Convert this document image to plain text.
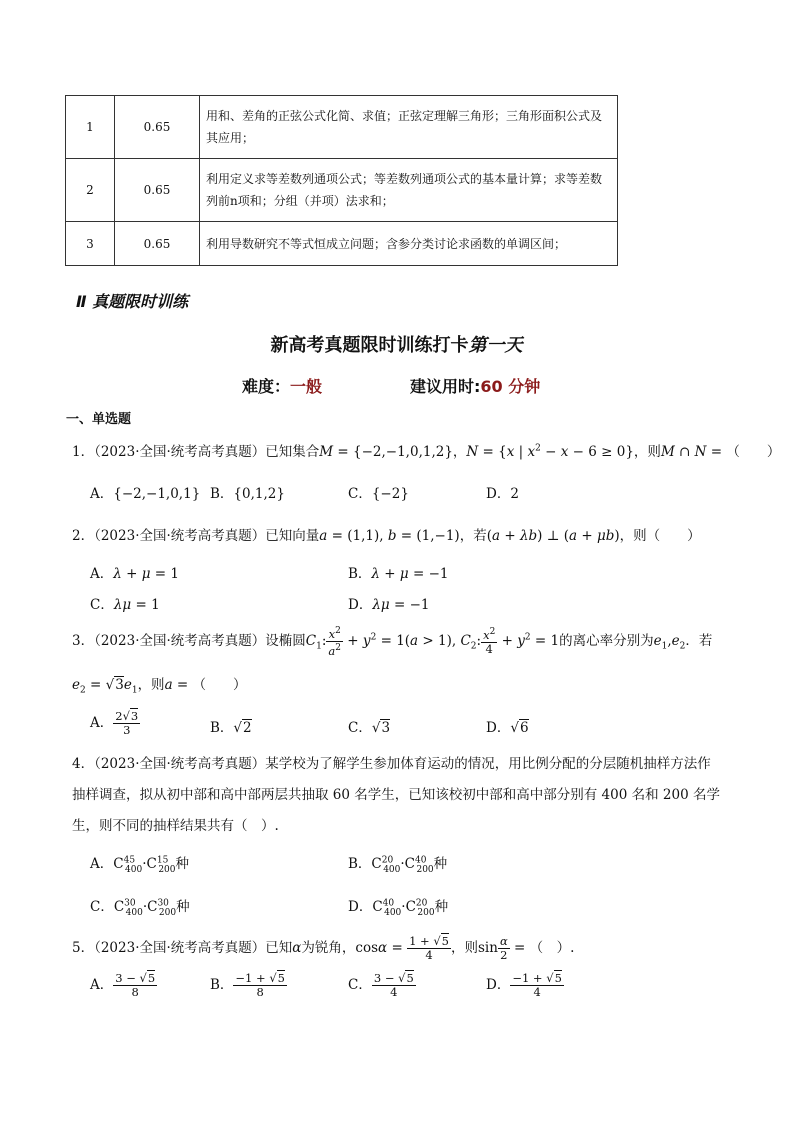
1	0.65	用和、差角的正弦公式化简、求值；正弦定理解三角形；三角形面积公式及其应用；
2	0.65	利用定义求等差数列通项公式；等差数列通项公式的基本量计算；求等差数列前n项和；分组（并项）法求和；
3	0.65	利用导数研究不等式恒成立问题；含参分类讨论求函数的单调区间；
Ⅱ 真题限时训练
新高考真题限时训练打卡第一天
难度：一般	建议用时:60 分钟
一、单选题
1．（2023·全国·统考高考真题）已知集合M = {−2,−1,0,1,2}，N = {x | $x^2 - x - 6 \ge 0$}，则M ∩ N = （　　）
A．{−2,−1,0,1} B．{0,1,2}	C．{−2}	D．2
2．（2023·全国·统考高考真题）已知向量a = (1,1), b = (1,−1)，若(a + λb) ⊥ (a + μb)，则（　　）
A．λ + μ = 1	B．λ + μ = −1
C．λμ = 1	D．λμ = −1
3．（2023·全国·统考高考真题）设椭圆$C_1$: $\frac{x^2}{a^2} + y^2 = 1(a > 1)$, $C_2$: $\frac{x^2}{4} + y^2 = 1$的离心率分别为$e_1,e_2$．若
$e_2 = √3e_1$，则a = （　　）
A． $\frac{2√3}{3}$	B．√2	C．√3	D．√6
4．（2023·全国·统考高考真题）某学校为了解学生参加体育运动的情况，用比例分配的分层随机抽样方法作
抽样调查，拟从初中部和高中部两层共抽取 60 名学生，已知该校初中部和高中部分别有 400 名和 200 名学
生，则不同的抽样结果共有（　）.
A．$C^{45}_{400}\cdot C^{15}_{200}$种	B．$C^{20}_{400}\cdot C^{40}_{200}$种
C．$C^{30}_{400}\cdot C^{30}_{200}$种	D．$C^{40}_{400}\cdot C^{20}_{200}$种
5．（2023·全国·统考高考真题）已知α为锐角，$\cos\alpha = \frac{1 + √5}{4}$ ，则$\sin \frac{\alpha}{2}$ = （　）.
A． $\frac{3 - √5}{8}$	B． $\frac{-1 + √5}{8}$	C． $\frac{3 - √5}{4}$	D． $\frac{-1 + √5}{4}$
